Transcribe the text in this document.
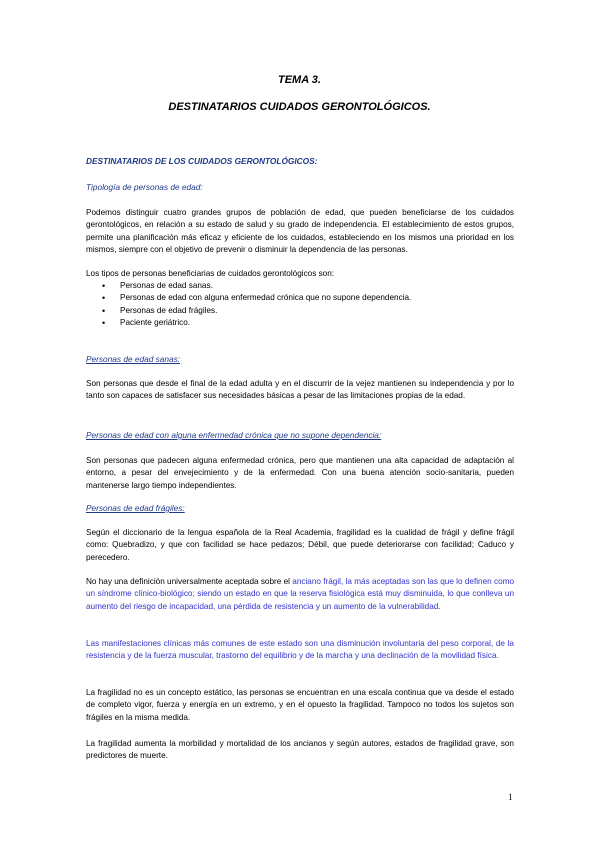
TEMA 3.
DESTINATARIOS CUIDADOS GERONTOLÓGICOS.
DESTINATARIOS DE LOS CUIDADOS GERONTOLÓGICOS:
Tipología de personas de edad:
Podemos distinguir cuatro grandes grupos de población de edad, que pueden beneficiarse de los cuidados gerontológicos, en relación a su estado de salud y su grado de independencia. El establecimiento de estos grupos, permite una planificación más eficaz y eficiente de los cuidados, estableciendo en los mismos una prioridad en los mismos, siempre con el objetivo de prevenir o disminuir la dependencia de las personas.
Los tipos de personas beneficiarias de cuidados gerontológicos son:
• Personas de edad sanas.
• Personas de edad con alguna enfermedad crónica que no supone dependencia.
• Personas de edad frágiles.
• Paciente geriátrico.
Personas de edad sanas:
Son personas que desde el final de la edad adulta y en el discurrir de la vejez mantienen su independencia y por lo tanto son capaces de satisfacer sus necesidades básicas a pesar de las limitaciones propias de la edad.
Personas de edad con alguna enfermedad crónica que no supone dependencia:
Son personas que padecen alguna enfermedad crónica, pero que mantienen una alta capacidad de adaptación al entorno, a pesar del envejecimiento y de la enfermedad. Con una buena atención socio-sanitaria, pueden mantenerse largo tiempo independientes.
Personas de edad frágiles:
Según el diccionario de la lengua española de la Real Academia, fragilidad es la cualidad de frágil y define frágil como: Quebradizo, y que con facilidad se hace pedazos; Débil, que puede deteriorarse con facilidad; Caduco y perecedero.
No hay una definición universalmente aceptada sobre el anciano frágil, la más aceptadas son las que lo definen como un síndrome clínico-biológico; siendo un estado en que la reserva fisiológica está muy disminuida, lo que conlleva un aumento del riesgo de incapacidad, una pérdida de resistencia y un aumento de la vulnerabilidad.
Las manifestaciones clínicas más comunes de este estado son una disminución involuntaria del peso corporal, de la resistencia y de la fuerza muscular, trastorno del equilibrio y de la marcha y una declinación de la movilidad física.
La fragilidad no es un concepto estático, las personas se encuentran en una escala continua que va desde el estado de completo vigor, fuerza y energía en un extremo, y en el opuesto la fragilidad. Tampoco no todos los sujetos son frágiles en la misma medida.
La fragilidad aumenta la morbilidad y mortalidad de los ancianos y según autores, estados de fragilidad grave, son predictores de muerte.
1
